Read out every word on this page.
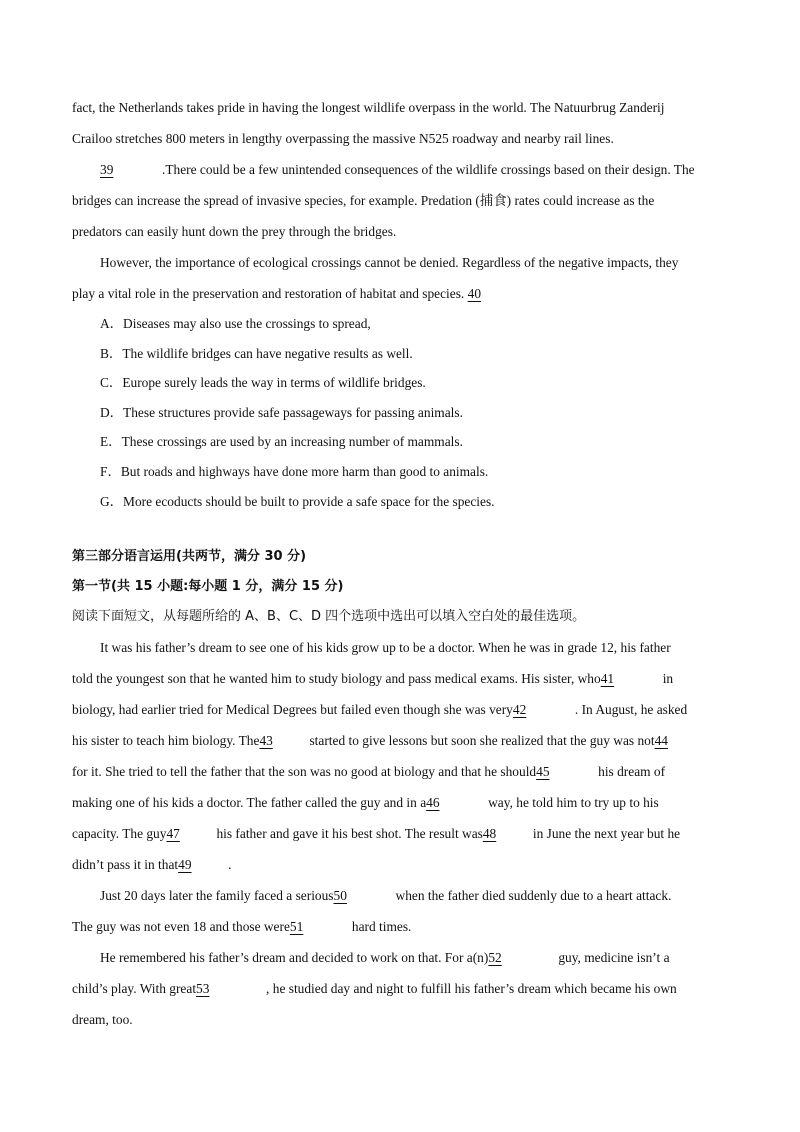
fact, the Netherlands takes pride in having the longest wildlife overpass in the world. The Natuurbrug Zanderij
Crailoo stretches 800 meters in lengthy overpassing the massive N525 roadway and nearby rail lines.
39	.There could be a few unintended consequences of the wildlife crossings based on their design. The
bridges can increase the spread of invasive species, for example. Predation (捕食) rates could increase as the
predators can easily hunt down the prey through the bridges.
However, the importance of ecological crossings cannot be denied. Regardless of the negative impacts, they
play a vital role in the preservation and restoration of habitat and species. 40
A．Diseases may also use the crossings to spread,
B．The wildlife bridges can have negative results as well.
C．Europe surely leads the way in terms of wildlife bridges.
D．These structures provide safe passageways for passing animals.
E．These crossings are used by an increasing number of mammals.
F．But roads and highways have done more harm than good to animals.
G．More ecoducts should be built to provide a safe space for the species.
第三部分语言运用(共两节，满分 30 分)
第一节(共 15 小题:每小题 1 分，满分 15 分)
阅读下面短文，从每题所给的 A、B、C、D 四个选项中选出可以填入空白处的最佳选项。
It was his father’s dream to see one of his kids grow up to be a doctor. When he was in grade 12, his father
told the youngest son that he wanted him to study biology and pass medical exams. His sister, who41	in
biology, had earlier tried for Medical Degrees but failed even though she was very42	. In August, he asked
his sister to teach him biology. The43	started to give lessons but soon she realized that the guy was not44
for it. She tried to tell the father that the son was no good at biology and that he should45	his dream of
making one of his kids a doctor. The father called the guy and in a46	way, he told him to try up to his
capacity. The guy47	his father and gave it his best shot. The result was48	in June the next year but he
didn’t pass it in that49	.
Just 20 days later the family faced a serious50	when the father died suddenly due to a heart attack.
The guy was not even 18 and those were51	hard times.
He remembered his father’s dream and decided to work on that. For a(n)52	guy, medicine isn’t a
child’s play. With great53	, he studied day and night to fulfill his father’s dream which became his own
dream, too.
